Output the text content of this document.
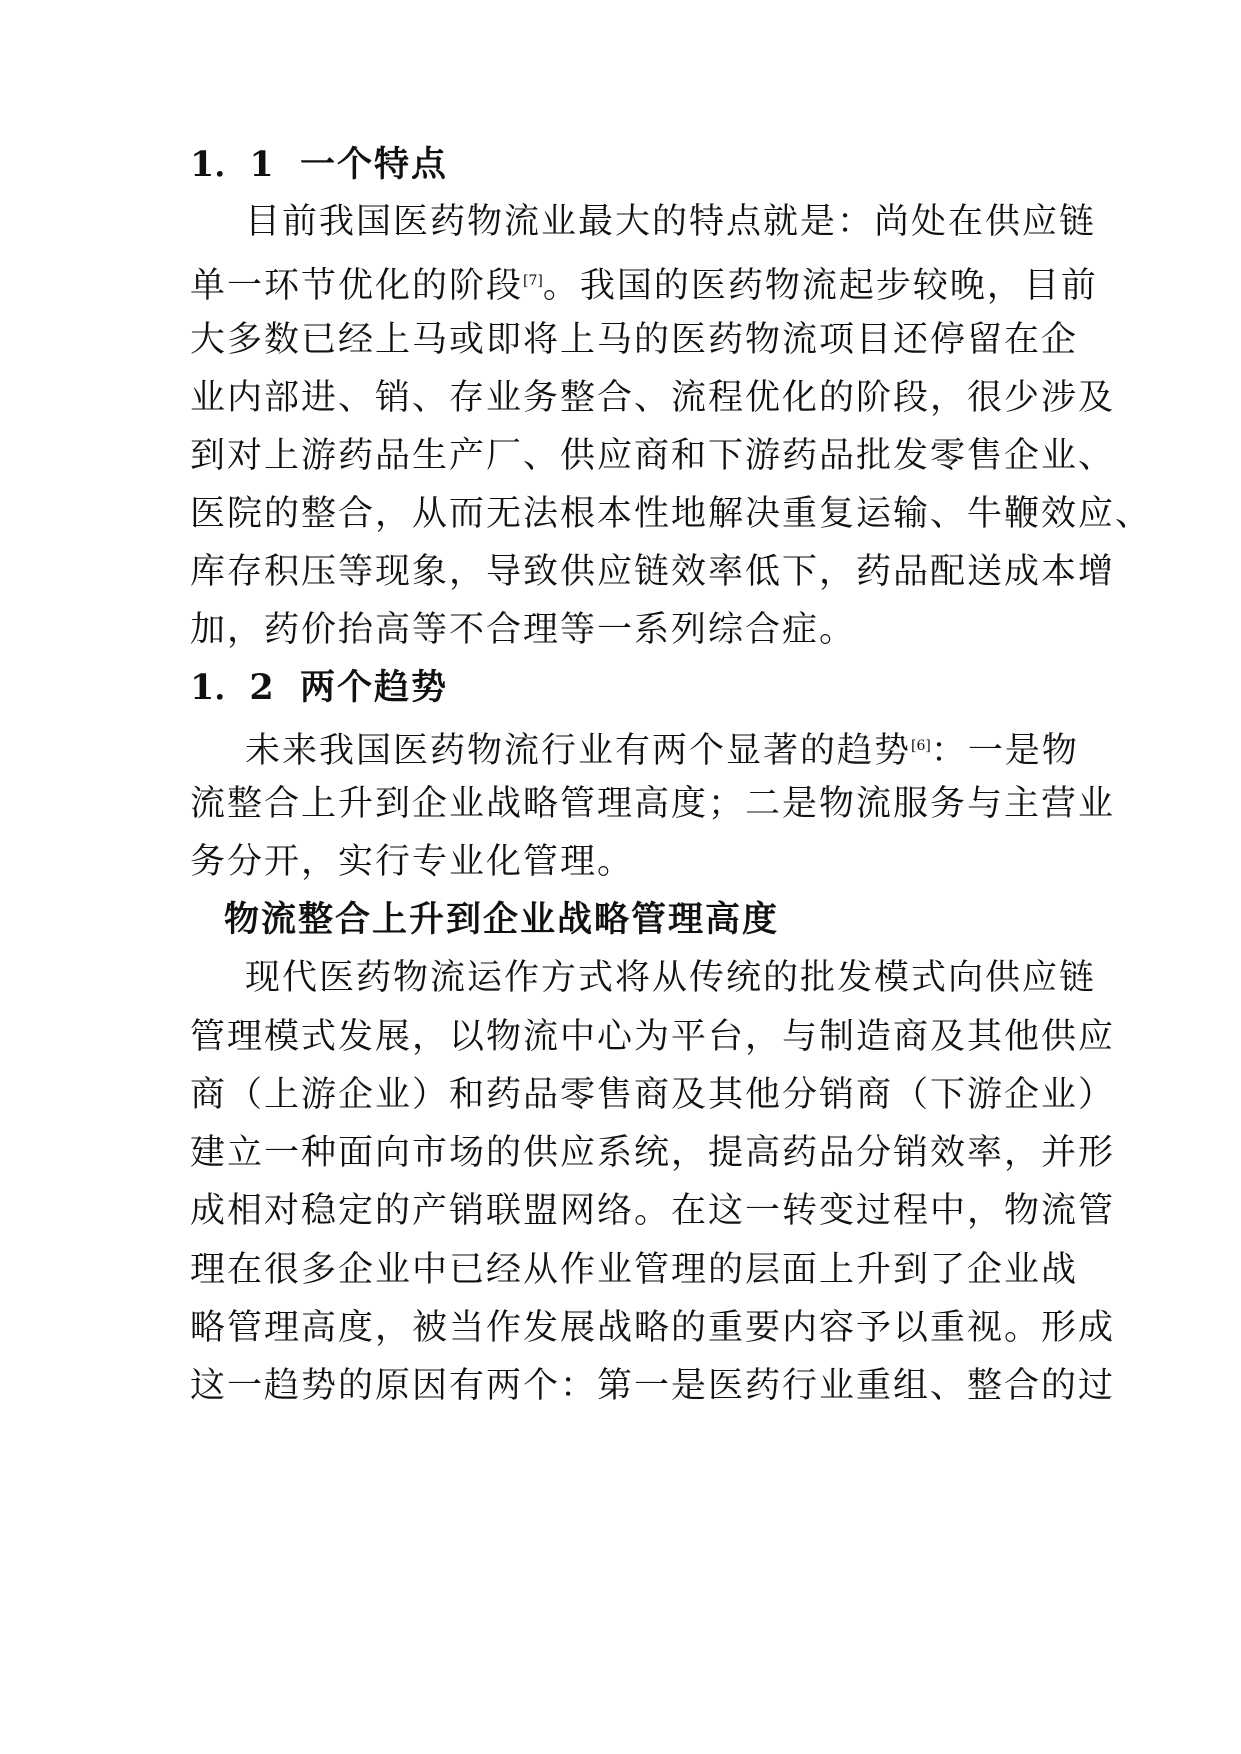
1．1 一个特点
目前我国医药物流业最大的特点就是：尚处在供应链
单一环节优化的阶段[7]。我国的医药物流起步较晚，目前
大多数已经上马或即将上马的医药物流项目还停留在企
业内部进、销、存业务整合、流程优化的阶段，很少涉及
到对上游药品生产厂、供应商和下游药品批发零售企业、
医院的整合，从而无法根本性地解决重复运输、牛鞭效应、
库存积压等现象，导致供应链效率低下，药品配送成本增
加，药价抬高等不合理等一系列综合症。
1．2 两个趋势
未来我国医药物流行业有两个显著的趋势[6]：一是物
流整合上升到企业战略管理高度；二是物流服务与主营业
务分开，实行专业化管理。
物流整合上升到企业战略管理高度
现代医药物流运作方式将从传统的批发模式向供应链
管理模式发展，以物流中心为平台，与制造商及其他供应
商（上游企业）和药品零售商及其他分销商（下游企业）
建立一种面向市场的供应系统，提高药品分销效率，并形
成相对稳定的产销联盟网络。在这一转变过程中，物流管
理在很多企业中已经从作业管理的层面上升到了企业战
略管理高度，被当作发展战略的重要内容予以重视。形成
这一趋势的原因有两个：第一是医药行业重组、整合的过
